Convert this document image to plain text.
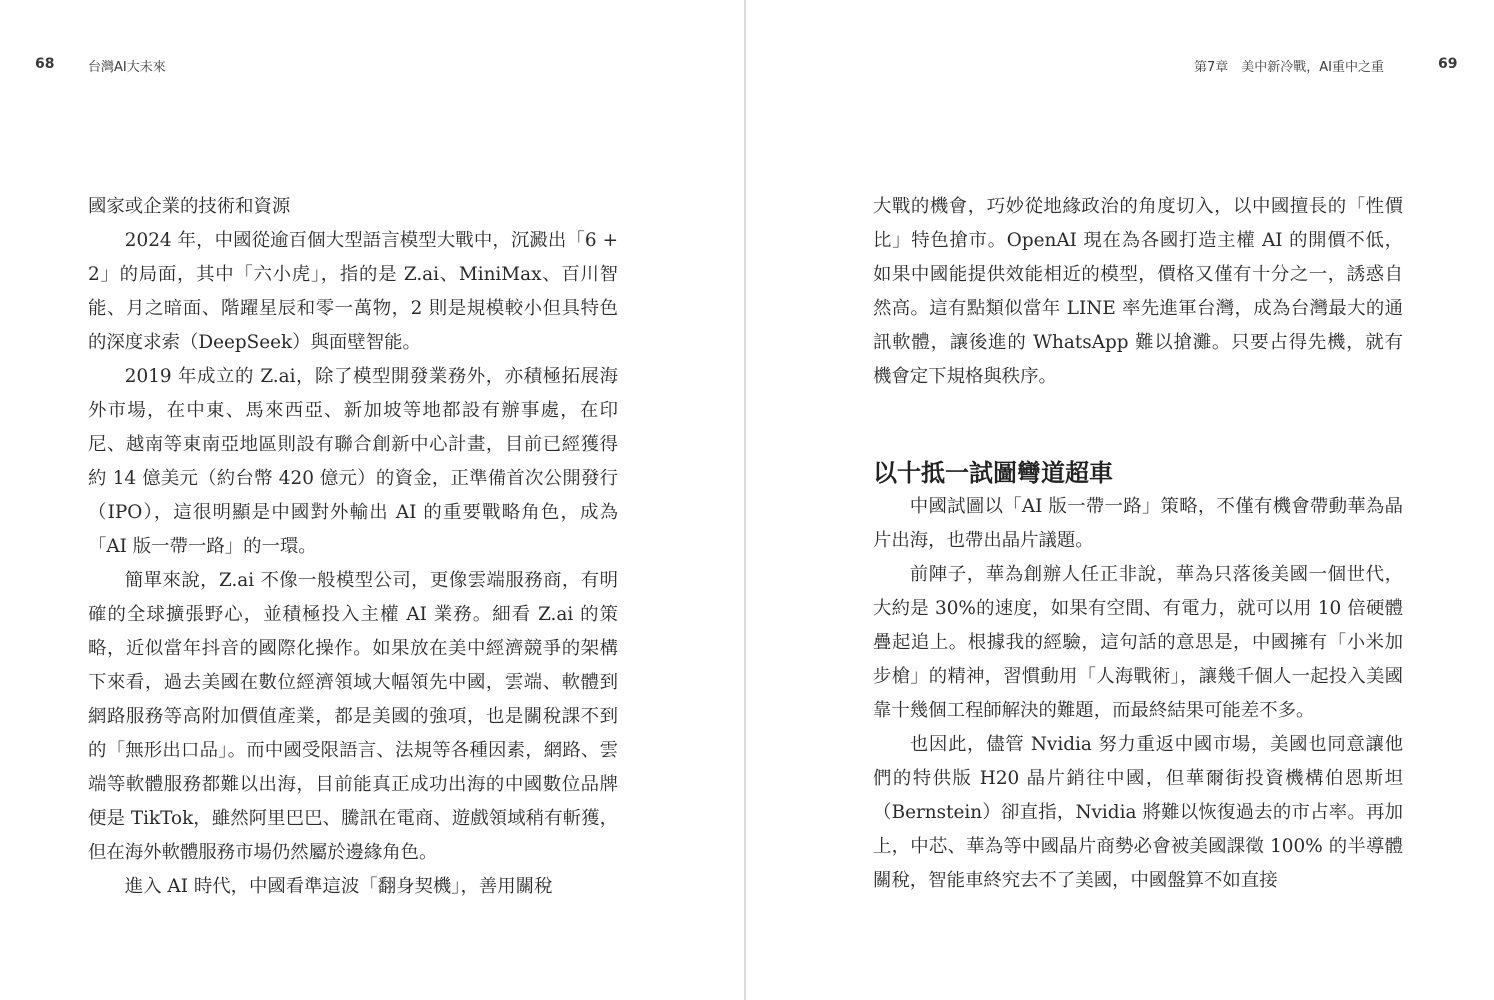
68	台灣AI大未來

國家或企業的技術和資源

2024 年，中國從逾百個大型語言模型大戰中，沉澱出「6 + 2」的局面，其中「六小虎」，指的是 Z.ai、MiniMax、百川智能、月之暗面、階躍星辰和零一萬物，2 則是規模較小但具特色的深度求索（DeepSeek）與面壁智能。

2019 年成立的 Z.ai，除了模型開發業務外，亦積極拓展海外市場，在中東、馬來西亞、新加坡等地都設有辦事處，在印尼、越南等東南亞地區則設有聯合創新中心計畫，目前已經獲得約 14 億美元（約台幣 420 億元）的資金，正準備首次公開發行（IPO），這很明顯是中國對外輸出 AI 的重要戰略角色，成為「AI 版一帶一路」的一環。

簡單來說，Z.ai 不像一般模型公司，更像雲端服務商，有明確的全球擴張野心，並積極投入主權 AI 業務。細看 Z.ai 的策略，近似當年抖音的國際化操作。如果放在美中經濟競爭的架構下來看，過去美國在數位經濟領域大幅領先中國，雲端、軟體到網路服務等高附加價值產業，都是美國的強項，也是關稅課不到的「無形出口品」。而中國受限語言、法規等各種因素，網路、雲端等軟體服務都難以出海，目前能真正成功出海的中國數位品牌便是 TikTok，雖然阿里巴巴、騰訊在電商、遊戲領域稍有斬獲，但在海外軟體服務市場仍然屬於邊緣角色。

進入 AI 時代，中國看準這波「翻身契機」，善用關稅

第7章　美中新冷戰，AI重中之重	69

大戰的機會，巧妙從地緣政治的角度切入，以中國擅長的「性價比」特色搶市。OpenAI 現在為各國打造主權 AI 的開價不低，如果中國能提供效能相近的模型，價格又僅有十分之一，誘惑自然高。這有點類似當年 LINE 率先進軍台灣，成為台灣最大的通訊軟體，讓後進的 WhatsApp 難以搶灘。只要占得先機，就有機會定下規格與秩序。

以十抵一試圖彎道超車

中國試圖以「AI 版一帶一路」策略，不僅有機會帶動華為晶片出海，也帶出晶片議題。

前陣子，華為創辦人任正非說，華為只落後美國一個世代，大約是 30%的速度，如果有空間、有電力，就可以用 10 倍硬體疊起追上。根據我的經驗，這句話的意思是，中國擁有「小米加步槍」的精神，習慣動用「人海戰術」，讓幾千個人一起投入美國靠十幾個工程師解決的難題，而最終結果可能差不多。

也因此，儘管 Nvidia 努力重返中國市場，美國也同意讓他們的特供版 H20 晶片銷往中國，但華爾街投資機構伯恩斯坦（Bernstein）卻直指，Nvidia 將難以恢復過去的市占率。再加上，中芯、華為等中國晶片商勢必會被美國課徵 100% 的半導體關稅，智能車終究去不了美國，中國盤算不如直接
